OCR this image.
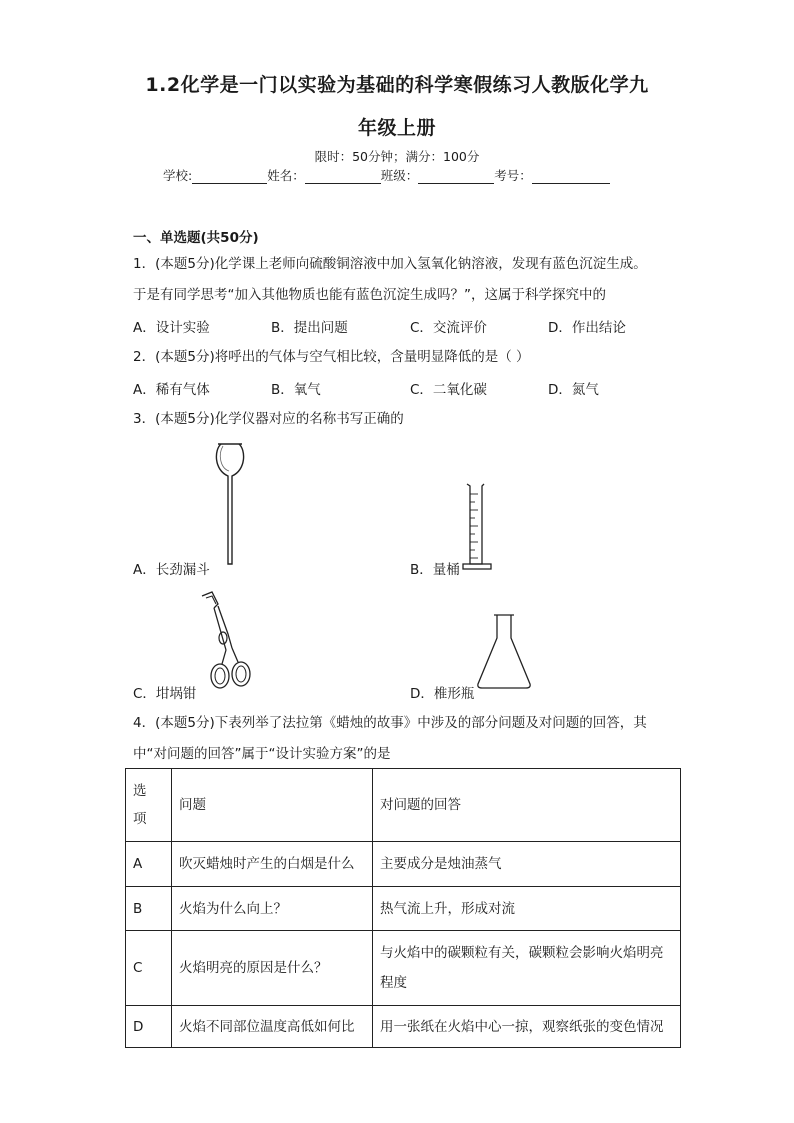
1.2化学是一门以实验为基础的科学寒假练习人教版化学九
年级上册
限时：50分钟；满分：100分
学校:	姓名：	班级：	考号：
一、单选题(共50分)
1．(本题5分)化学课上老师向硫酸铜溶液中加入氢氧化钠溶液，发现有蓝色沉淀生成。
于是有同学思考“加入其他物质也能有蓝色沉淀生成吗？”，这属于科学探究中的
A．设计实验	B．提出问题	C．交流评价	D．作出结论
2．(本题5分)将呼出的气体与空气相比较，含量明显降低的是（ ）
A．稀有气体	B．氧气	C．二氧化碳	D．氮气
3．(本题5分)化学仪器对应的名称书写正确的
A．长劲漏斗	B．量桶
C．坩埚钳	D．椎形瓶
4．(本题5分)下表列举了法拉第《蜡烛的故事》中涉及的部分问题及对问题的回答，其
中“对问题的回答”属于“设计实验方案”的是
选项	问题	对问题的回答
A	吹灭蜡烛时产生的白烟是什么	主要成分是烛油蒸气
B	火焰为什么向上？	热气流上升，形成对流
C	火焰明亮的原因是什么？	与火焰中的碳颗粒有关，碳颗粒会影响火焰明亮程度
D	火焰不同部位温度高低如何比	用一张纸在火焰中心一掠，观察纸张的变色情况
